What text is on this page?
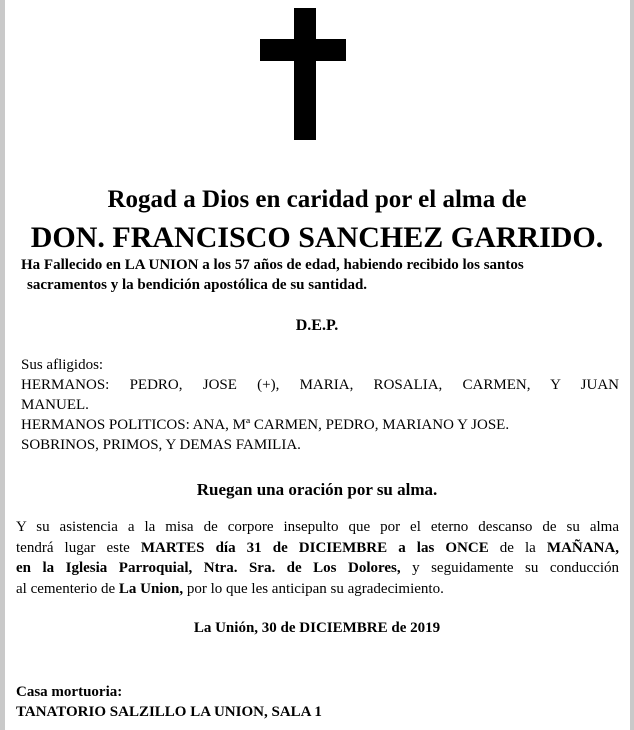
Rogad a Dios en caridad por el alma de
DON. FRANCISCO SANCHEZ GARRIDO.
Ha Fallecido en LA UNION a los 57 años de edad, habiendo recibido los santos
sacramentos y la bendición apostólica de su santidad.
D.E.P.
Sus afligidos:
HERMANOS: PEDRO, JOSE (+), MARIA, ROSALIA, CARMEN, Y JUAN
MANUEL.
HERMANOS POLITICOS: ANA, Mª CARMEN, PEDRO, MARIANO Y JOSE.
SOBRINOS, PRIMOS, Y DEMAS FAMILIA.
Ruegan una oración por su alma.
Y su asistencia a la misa de corpore insepulto que por el eterno descanso de su alma
tendrá lugar este MARTES día 31 de DICIEMBRE a las ONCE de la MAÑANA,
en la Iglesia Parroquial, Ntra. Sra. de Los Dolores, y seguidamente su conducción
al cementerio de La Union, por lo que les anticipan su agradecimiento.
La Unión, 30 de DICIEMBRE de 2019
Casa mortuoria:
TANATORIO SALZILLO LA UNION, SALA 1
